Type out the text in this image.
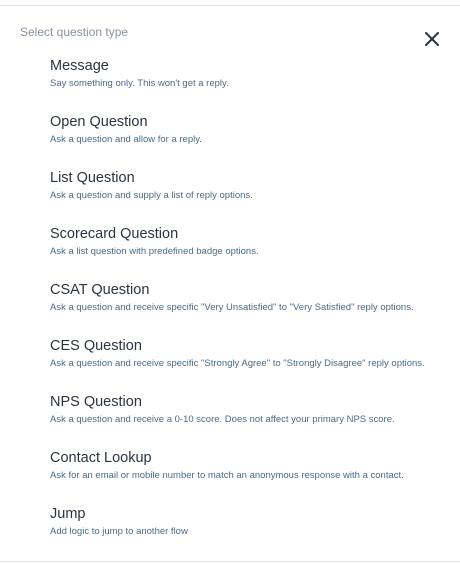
Select question type
Message
Say something only. This won't get a reply.
Open Question
Ask a question and allow for a reply.
List Question
Ask a question and supply a list of reply options.
Scorecard Question
Ask a list question with predefined badge options.
CSAT Question
Ask a question and receive specific "Very Unsatisfied" to "Very Satisfied" reply options.
CES Question
Ask a question and receive specific "Strongly Agree" to "Strongly Disagree" reply options.
NPS Question
Ask a question and receive a 0-10 score. Does not affect your primary NPS score.
Contact Lookup
Ask for an email or mobile number to match an anonymous response with a contact.
Jump
Add logic to jump to another flow
